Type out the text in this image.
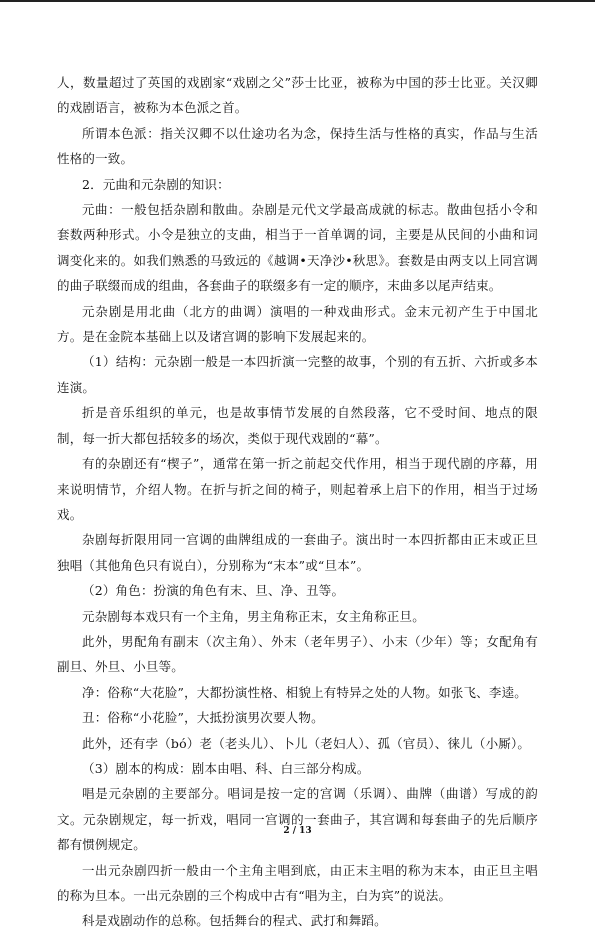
人，数量超过了英国的戏剧家“戏剧之父”莎士比亚，被称为中国的莎士比亚。关汉卿的戏剧语言，被称为本色派之首。

所谓本色派：指关汉卿不以仕途功名为念，保持生活与性格的真实，作品与生活性格的一致。

2．元曲和元杂剧的知识：

元曲：一般包括杂剧和散曲。杂剧是元代文学最高成就的标志。散曲包括小令和套数两种形式。小令是独立的支曲，相当于一首单调的词，主要是从民间的小曲和词调变化来的。如我们熟悉的马致远的《越调•天净沙•秋思》。套数是由两支以上同宫调的曲子联缀而成的组曲，各套曲子的联缀多有一定的顺序，末曲多以尾声结束。

元杂剧是用北曲（北方的曲调）演唱的一种戏曲形式。金末元初产生于中国北方。是在金院本基础上以及诸宫调的影响下发展起来的。

（1）结构：元杂剧一般是一本四折演一完整的故事，个别的有五折、六折或多本连演。

折是音乐组织的单元，也是故事情节发展的自然段落，它不受时间、地点的限制，每一折大都包括较多的场次，类似于现代戏剧的“幕”。

有的杂剧还有“楔子”，通常在第一折之前起交代作用，相当于现代剧的序幕，用来说明情节，介绍人物。在折与折之间的椅子，则起着承上启下的作用，相当于过场戏。

杂剧每折限用同一宫调的曲牌组成的一套曲子。演出时一本四折都由正末或正旦独唱（其他角色只有说白），分别称为“末本”或“旦本”。

（2）角色：扮演的角色有末、旦、净、丑等。

元杂剧每本戏只有一个主角，男主角称正末，女主角称正旦。

此外，男配角有副末（次主角）、外末（老年男子）、小末（少年）等；女配角有副旦、外旦、小旦等。

净：俗称“大花脸”，大都扮演性格、相貌上有特异之处的人物。如张飞、李逵。

丑：俗称“小花脸”，大抵扮演男次要人物。

此外，还有孛（bó）老（老头儿）、卜儿（老妇人）、孤（官员）、徕儿（小厮）。

（3）剧本的构成：剧本由唱、科、白三部分构成。

唱是元杂剧的主要部分。唱词是按一定的宫调（乐调）、曲牌（曲谱）写成的韵文。元杂剧规定，每一折戏，唱同一宫调的一套曲子，其宫调和每套曲子的先后顺序都有惯例规定。

一出元杂剧四折一般由一个主角主唱到底，由正末主唱的称为末本，由正旦主唱的称为旦本。一出元杂剧的三个构成中古有“唱为主，白为宾”的说法。

科是戏剧动作的总称。包括舞台的程式、武打和舞蹈。

2 / 13
